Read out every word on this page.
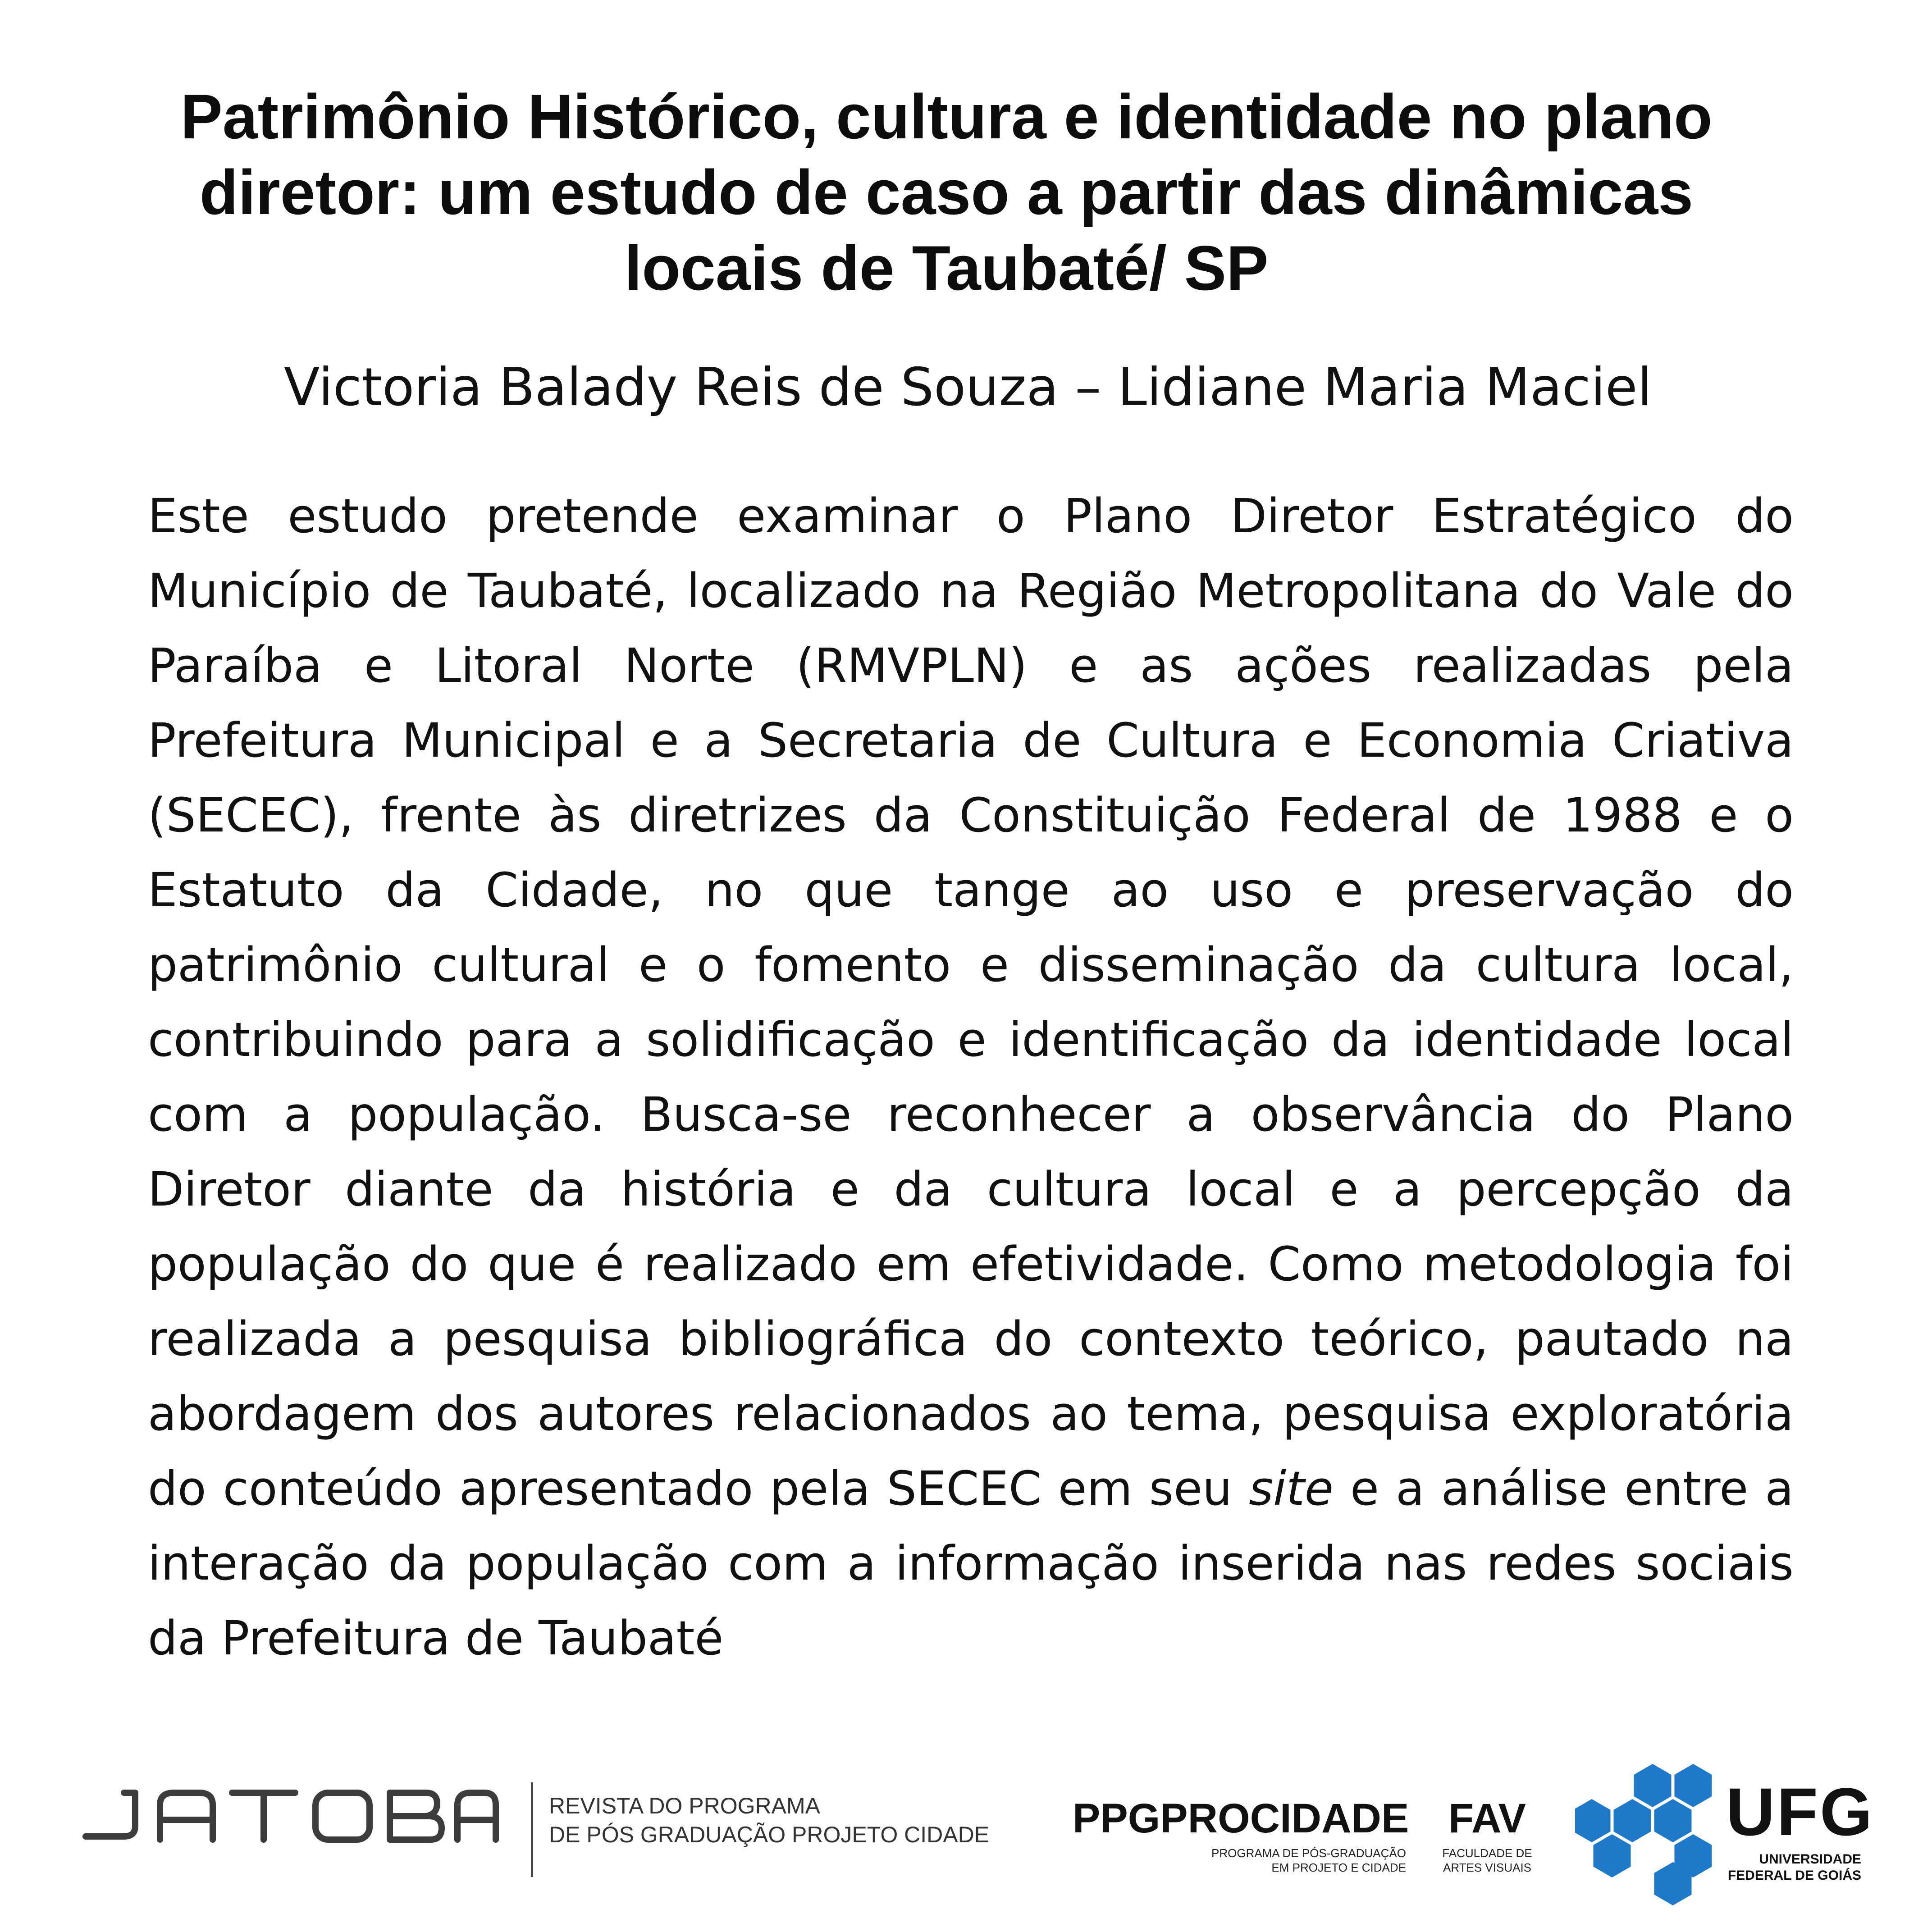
Patrimônio Histórico, cultura e identidade no plano diretor: um estudo de caso a partir das dinâmicas locais de Taubaté/ SP
Victoria Balady Reis de Souza – Lidiane Maria Maciel

Este estudo pretende examinar o Plano Diretor Estratégico do Município de Taubaté, localizado na Região Metropolitana do Vale do Paraíba e Litoral Norte (RMVPLN) e as ações realizadas pela Prefeitura Municipal e a Secretaria de Cultura e Economia Criativa (SECEC), frente às diretrizes da Constituição Federal de 1988 e o Estatuto da Cidade, no que tange ao uso e preservação do patrimônio cultural e o fomento e disseminação da cultura local, contribuindo para a solidificação e identificação da identidade local com a população. Busca-se reconhecer a observância do Plano Diretor diante da história e da cultura local e a percepção da população do que é realizado em efetividade. Como metodologia foi realizada a pesquisa bibliográfica do contexto teórico, pautado na abordagem dos autores relacionados ao tema, pesquisa exploratória do conteúdo apresentado pela SECEC em seu site e a análise entre a interação da população com a informação inserida nas redes sociais da Prefeitura de Taubaté

REVISTA DO PROGRAMA
DE PÓS GRADUAÇÃO PROJETO CIDADE PPGPROCIDADE
PROGRAMA DE PÓS-GRADUAÇÃO
EM PROJETO E CIDADE
FAV
FACULDADE DE
ARTES VISUAIS
UFG
UNIVERSIDADE
FEDERAL DE GOIÁS
